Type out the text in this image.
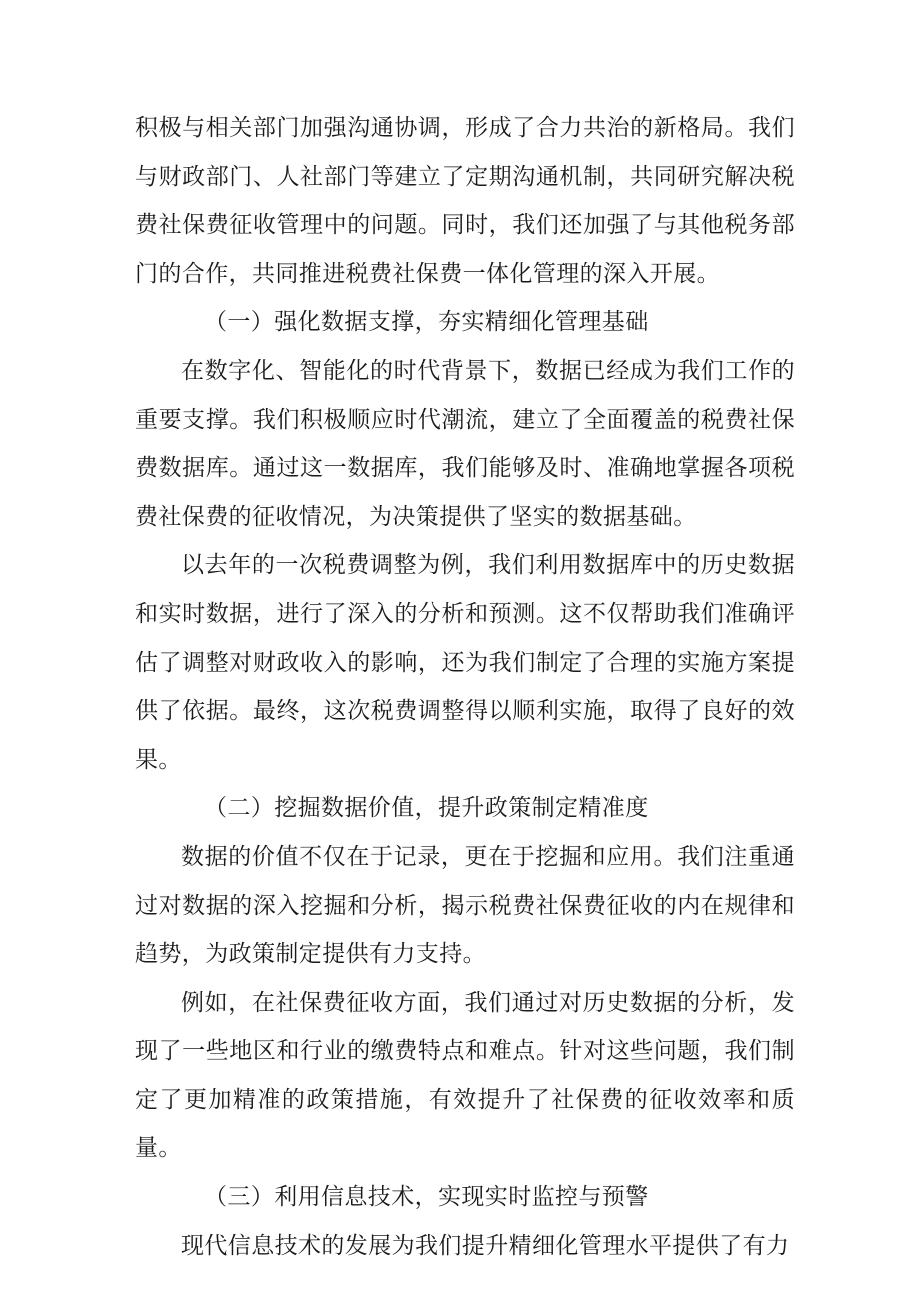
积极与相关部门加强沟通协调，形成了合力共治的新格局。我们与财政部门、人社部门等建立了定期沟通机制，共同研究解决税费社保费征收管理中的问题。同时，我们还加强了与其他税务部门的合作，共同推进税费社保费一体化管理的深入开展。

（一）强化数据支撑，夯实精细化管理基础

在数字化、智能化的时代背景下，数据已经成为我们工作的重要支撑。我们积极顺应时代潮流，建立了全面覆盖的税费社保费数据库。通过这一数据库，我们能够及时、准确地掌握各项税费社保费的征收情况，为决策提供了坚实的数据基础。

以去年的一次税费调整为例，我们利用数据库中的历史数据和实时数据，进行了深入的分析和预测。这不仅帮助我们准确评估了调整对财政收入的影响，还为我们制定了合理的实施方案提供了依据。最终，这次税费调整得以顺利实施，取得了良好的效果。

（二）挖掘数据价值，提升政策制定精准度

数据的价值不仅在于记录，更在于挖掘和应用。我们注重通过对数据的深入挖掘和分析，揭示税费社保费征收的内在规律和趋势，为政策制定提供有力支持。

例如，在社保费征收方面，我们通过对历史数据的分析，发现了一些地区和行业的缴费特点和难点。针对这些问题，我们制定了更加精准的政策措施，有效提升了社保费的征收效率和质量。

（三）利用信息技术，实现实时监控与预警

现代信息技术的发展为我们提升精细化管理水平提供了有力
